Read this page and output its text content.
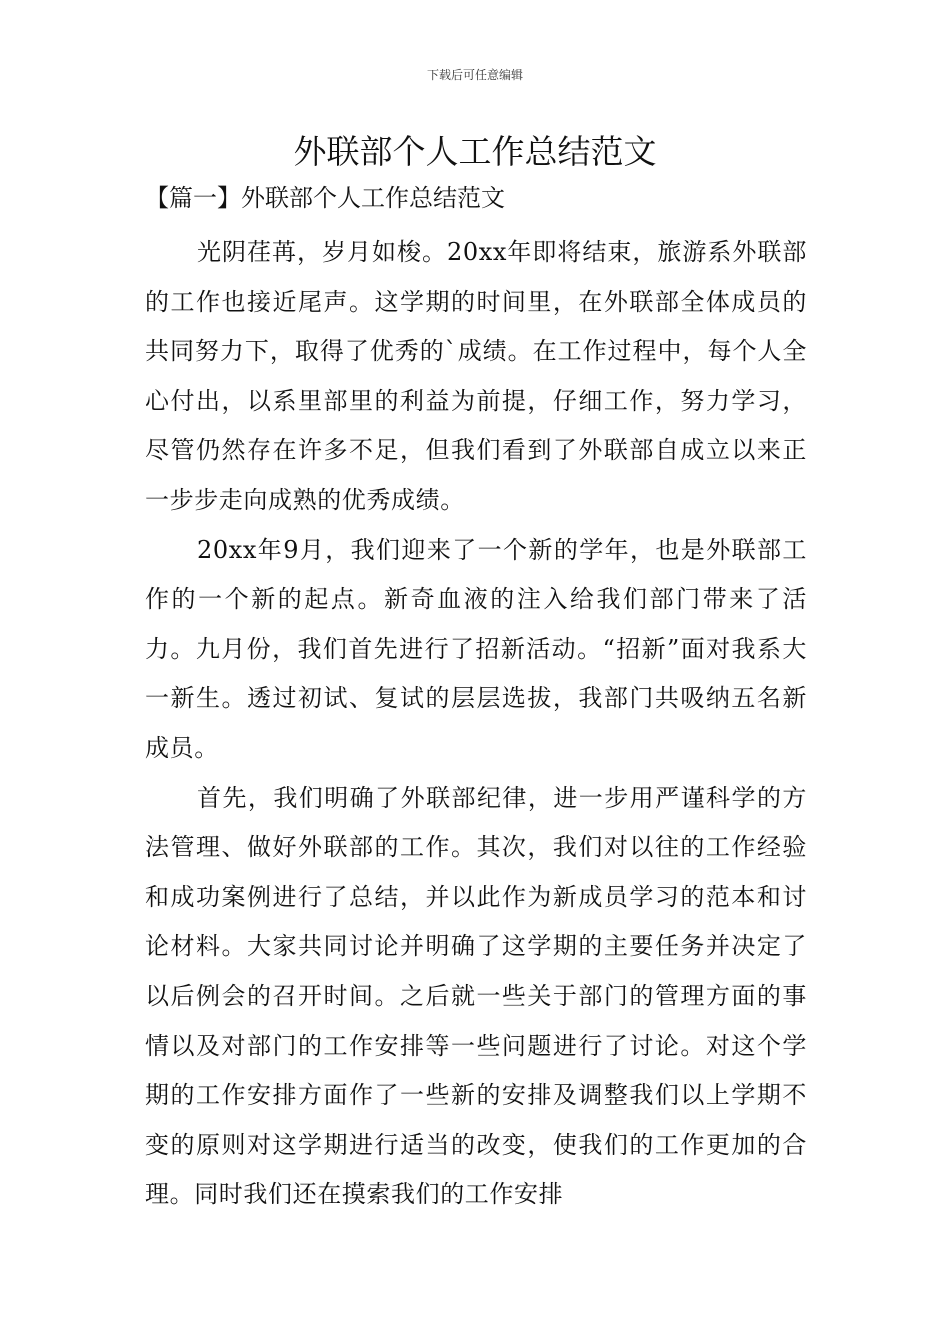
下载后可任意编辑
外联部个人工作总结范文
【篇一】外联部个人工作总结范文

光阴荏苒，岁月如梭。20xx年即将结束，旅游系外联部的工作也接近尾声。这学期的时间里，在外联部全体成员的共同努力下，取得了优秀的`成绩。在工作过程中，每个人全心付出，以系里部里的利益为前提，仔细工作，努力学习，尽管仍然存在许多不足，但我们看到了外联部自成立以来正一步步走向成熟的优秀成绩。

20xx年9月，我们迎来了一个新的学年，也是外联部工作的一个新的起点。新奇血液的注入给我们部门带来了活力。九月份，我们首先进行了招新活动。“招新”面对我系大一新生。透过初试、复试的层层选拔，我部门共吸纳五名新成员。

首先，我们明确了外联部纪律，进一步用严谨科学的方法管理、做好外联部的工作。其次，我们对以往的工作经验和成功案例进行了总结，并以此作为新成员学习的范本和讨论材料。大家共同讨论并明确了这学期的主要任务并决定了以后例会的召开时间。之后就一些关于部门的管理方面的事情以及对部门的工作安排等一些问题进行了讨论。对这个学期的工作安排方面作了一些新的安排及调整我们以上学期不变的原则对这学期进行适当的改变，使我们的工作更加的合理。同时我们还在摸索我们的工作安排
